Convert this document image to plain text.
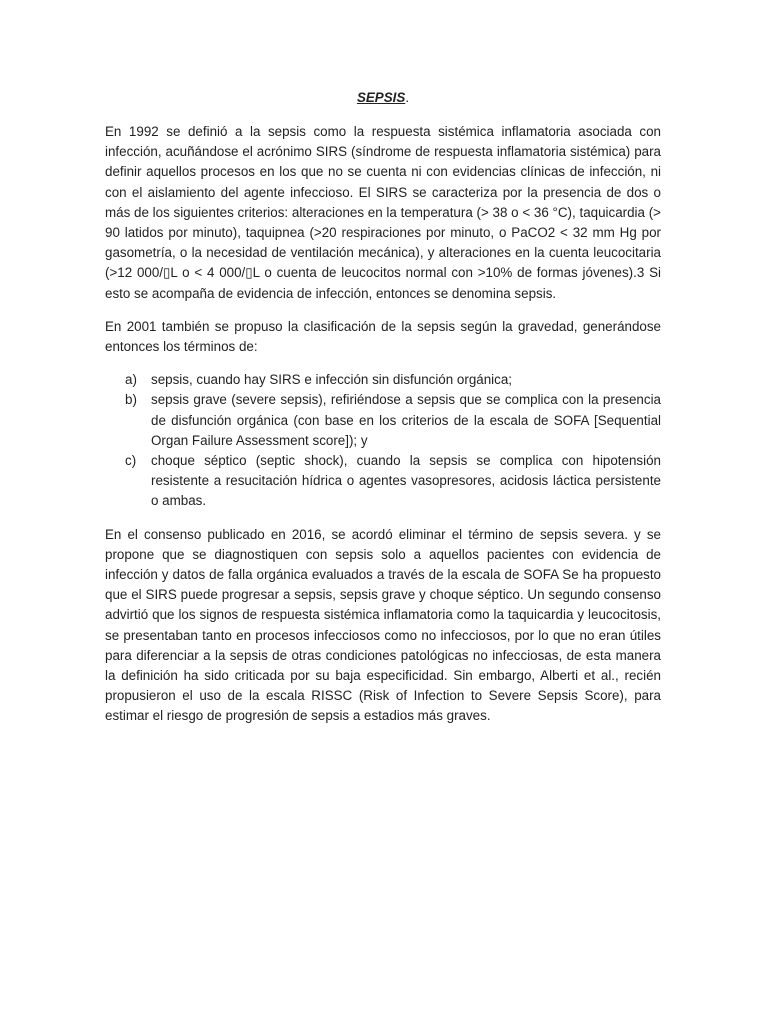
SEPSIS.

En 1992 se definió a la sepsis como la respuesta sistémica inflamatoria asociada con infección, acuñándose el acrónimo SIRS (síndrome de respuesta inflamatoria sistémica) para definir aquellos procesos en los que no se cuenta ni con evidencias clínicas de infección, ni con el aislamiento del agente infeccioso. El SIRS se caracteriza por la presencia de dos o más de los siguientes criterios: alteraciones en la temperatura (> 38 o < 36 °C), taquicardia (> 90 latidos por minuto), taquipnea (>20 respiraciones por minuto, o PaCO2 < 32 mm Hg por gasometría, o la necesidad de ventilación mecánica), y alteraciones en la cuenta leucocitaria (>12 000/▯L o < 4 000/▯L o cuenta de leucocitos normal con >10% de formas jóvenes).3 Si esto se acompaña de evidencia de infección, entonces se denomina sepsis.

En 2001 también se propuso la clasificación de la sepsis según la gravedad, generándose entonces los términos de:

a) sepsis, cuando hay SIRS e infección sin disfunción orgánica;
b) sepsis grave (severe sepsis), refiriéndose a sepsis que se complica con la presencia de disfunción orgánica (con base en los criterios de la escala de SOFA [Sequential Organ Failure Assessment score]); y
c) choque séptico (septic shock), cuando la sepsis se complica con hipotensión resistente a resucitación hídrica o agentes vasopresores, acidosis láctica persistente o ambas.

En el consenso publicado en 2016, se acordó eliminar el término de sepsis severa. y se propone que se diagnostiquen con sepsis solo a aquellos pacientes con evidencia de infección y datos de falla orgánica evaluados a través de la escala de SOFA Se ha propuesto que el SIRS puede progresar a sepsis, sepsis grave y choque séptico. Un segundo consenso advirtió que los signos de respuesta sistémica inflamatoria como la taquicardia y leucocitosis, se presentaban tanto en procesos infecciosos como no infecciosos, por lo que no eran útiles para diferenciar a la sepsis de otras condiciones patológicas no infecciosas, de esta manera la definición ha sido criticada por su baja especificidad. Sin embargo, Alberti et al., recién propusieron el uso de la escala RISSC (Risk of Infection to Severe Sepsis Score), para estimar el riesgo de progresión de sepsis a estadios más graves.
